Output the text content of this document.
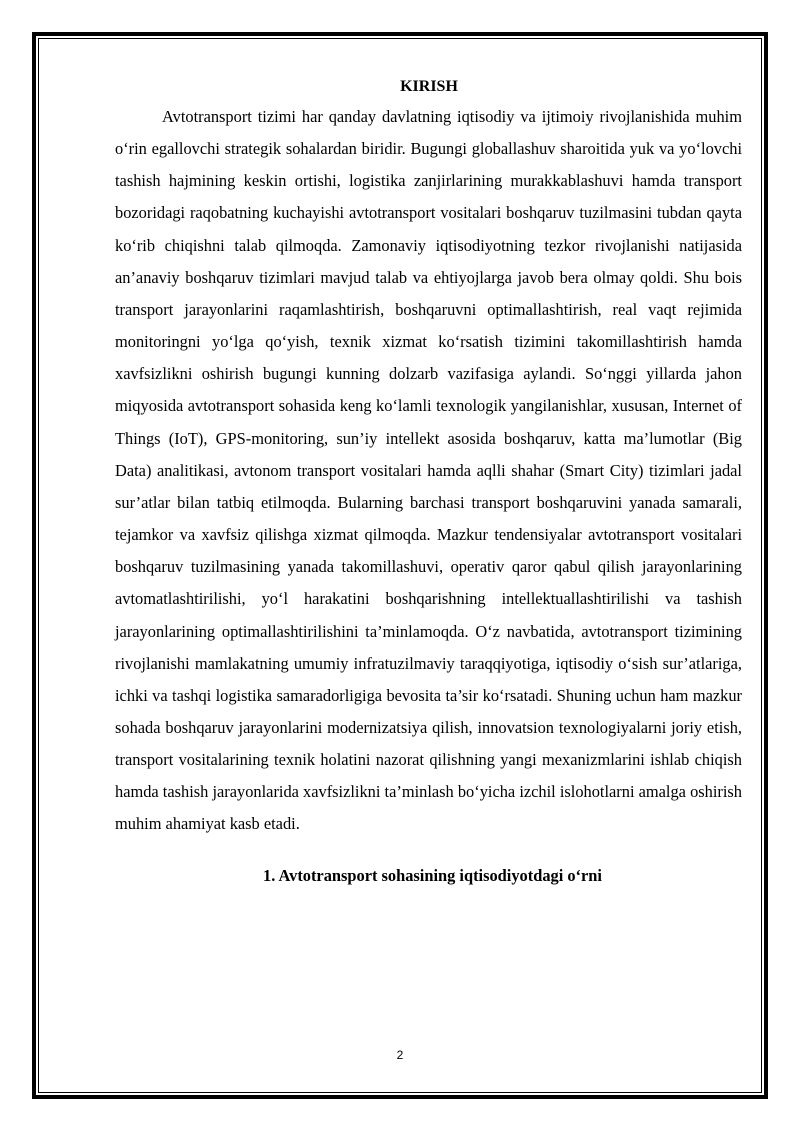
KIRISH

Avtotransport tizimi har qanday davlatning iqtisodiy va ijtimoiy rivojlanishida muhim o‘rin egallovchi strategik sohalardan biridir. Bugungi globallashuv sharoitida yuk va yo‘lovchi tashish hajmining keskin ortishi, logistika zanjirlarining murakkablashuvi hamda transport bozoridagi raqobatning kuchayishi avtotransport vositalari boshqaruv tuzilmasini tubdan qayta ko‘rib chiqishni talab qilmoqda. Zamonaviy iqtisodiyotning tezkor rivojlanishi natijasida an’anaviy boshqaruv tizimlari mavjud talab va ehtiyojlarga javob bera olmay qoldi. Shu bois transport jarayonlarini raqamlashtirish, boshqaruvni optimallashtirish, real vaqt rejimida monitoringni yo‘lga qo‘yish, texnik xizmat ko‘rsatish tizimini takomillashtirish hamda xavfsizlikni oshirish bugungi kunning dolzarb vazifasiga aylandi. So‘nggi yillarda jahon miqyosida avtotransport sohasida keng ko‘lamli texnologik yangilanishlar, xususan, Internet of Things (IoT), GPS-monitoring, sun’iy intellekt asosida boshqaruv, katta ma’lumotlar (Big Data) analitikasi, avtonom transport vositalari hamda aqlli shahar (Smart City) tizimlari jadal sur’atlar bilan tatbiq etilmoqda. Bularning barchasi transport boshqaruvini yanada samarali, tejamkor va xavfsiz qilishga xizmat qilmoqda. Mazkur tendensiyalar avtotransport vositalari boshqaruv tuzilmasining yanada takomillashuvi, operativ qaror qabul qilish jarayonlarining avtomatlashtirilishi, yo‘l harakatini boshqarishning intellektuallashtirilishi va tashish jarayonlarining optimallashtirilishini ta’minlamoqda. O‘z navbatida, avtotransport tizimining rivojlanishi mamlakatning umumiy infratuzilmaviy taraqqiyotiga, iqtisodiy o‘sish sur’atlariga, ichki va tashqi logistika samaradorligiga bevosita ta’sir ko‘rsatadi. Shuning uchun ham mazkur sohada boshqaruv jarayonlarini modernizatsiya qilish, innovatsion texnologiyalarni joriy etish, transport vositalarining texnik holatini nazorat qilishning yangi mexanizmlarini ishlab chiqish hamda tashish jarayonlarida xavfsizlikni ta’minlash bo‘yicha izchil islohotlarni amalga oshirish muhim ahamiyat kasb etadi.

1. Avtotransport sohasining iqtisodiyotdagi o‘rni
2
